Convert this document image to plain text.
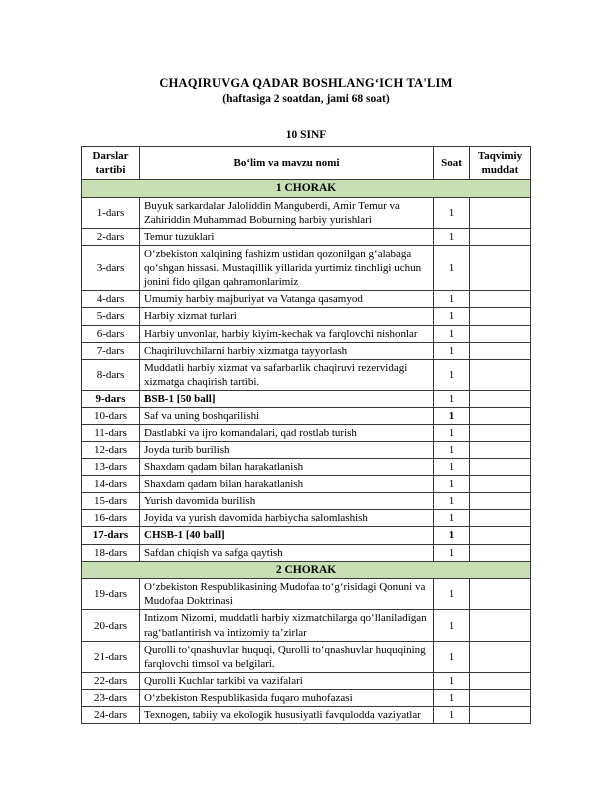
CHAQIRUVGA QADAR BOSHLANGʻICH TA'LIM
(haftasiga 2 soatdan, jami 68 soat)
10 SINF
Darslar tartibi	Boʻlim va mavzu nomi	Soat	Taqvimiy muddat
1 CHORAK			
1-dars	Buyuk sarkardalar Jaloliddin Manguberdi, Amir Temur va Zahiriddin Muhammad Boburning harbiy yurishlari	1	
2-dars	Temur tuzuklari	1	
3-dars	Oʻzbekiston xalqining fashizm ustidan qozonilgan gʻalabaga qoʻshgan hissasi. Mustaqillik yillarida yurtimiz tinchligi uchun jonini fido qilgan qahramonlarimiz	1	
4-dars	Umumiy harbiy majburiyat va Vatanga qasamyod	1	
5-dars	Harbiy xizmat turlari	1	
6-dars	Harbiy unvonlar, harbiy kiyim-kechak va farqlovchi nishonlar	1	
7-dars	Chaqiriluvchilarni harbiy xizmatga tayyorlash	1	
8-dars	Muddatli harbiy xizmat va safarbarlik chaqiruvi rezervidagi xizmatga chaqirish tartibi.	1	
9-dars	BSB-1 [50 ball]	1	
10-dars	Saf va uning boshqarilishi	1	
11-dars	Dastlabki va ijro komandalari, qad rostlab turish	1	
12-dars	Joyda turib burilish	1	
13-dars	Shaxdam qadam bilan harakatlanish	1	
14-dars	Shaxdam qadam bilan harakatlanish	1	
15-dars	Yurish davomida burilish	1	
16-dars	Joyida va yurish davomida harbiycha salomlashish	1	
17-dars	CHSB-1 [40 ball]	1	
18-dars	Safdan chiqish va safga qaytish	1	
2 CHORAK			
19-dars	Oʻzbekiston Respublikasining Mudofaa toʻgʻrisidagi Qonuni va Mudofaa Doktrinasi	1	
20-dars	Intizom Nizomi, muddatli harbiy xizmatchilarga qoʻllaniladigan ragʻbatlantirish va intizomiy ta’zirlar	1	
21-dars	Qurolli toʻqnashuvlar huquqi, Qurolli toʻqnashuvlar huquqining farqlovchi timsol va belgilari.	1	
22-dars	Qurolli Kuchlar tarkibi va vazifalari	1	
23-dars	Oʻzbekiston Respublikasida fuqaro muhofazasi	1	
24-dars	Texnogen, tabiiy va ekologik hususiyatli favqulodda vaziyatlar	1	
